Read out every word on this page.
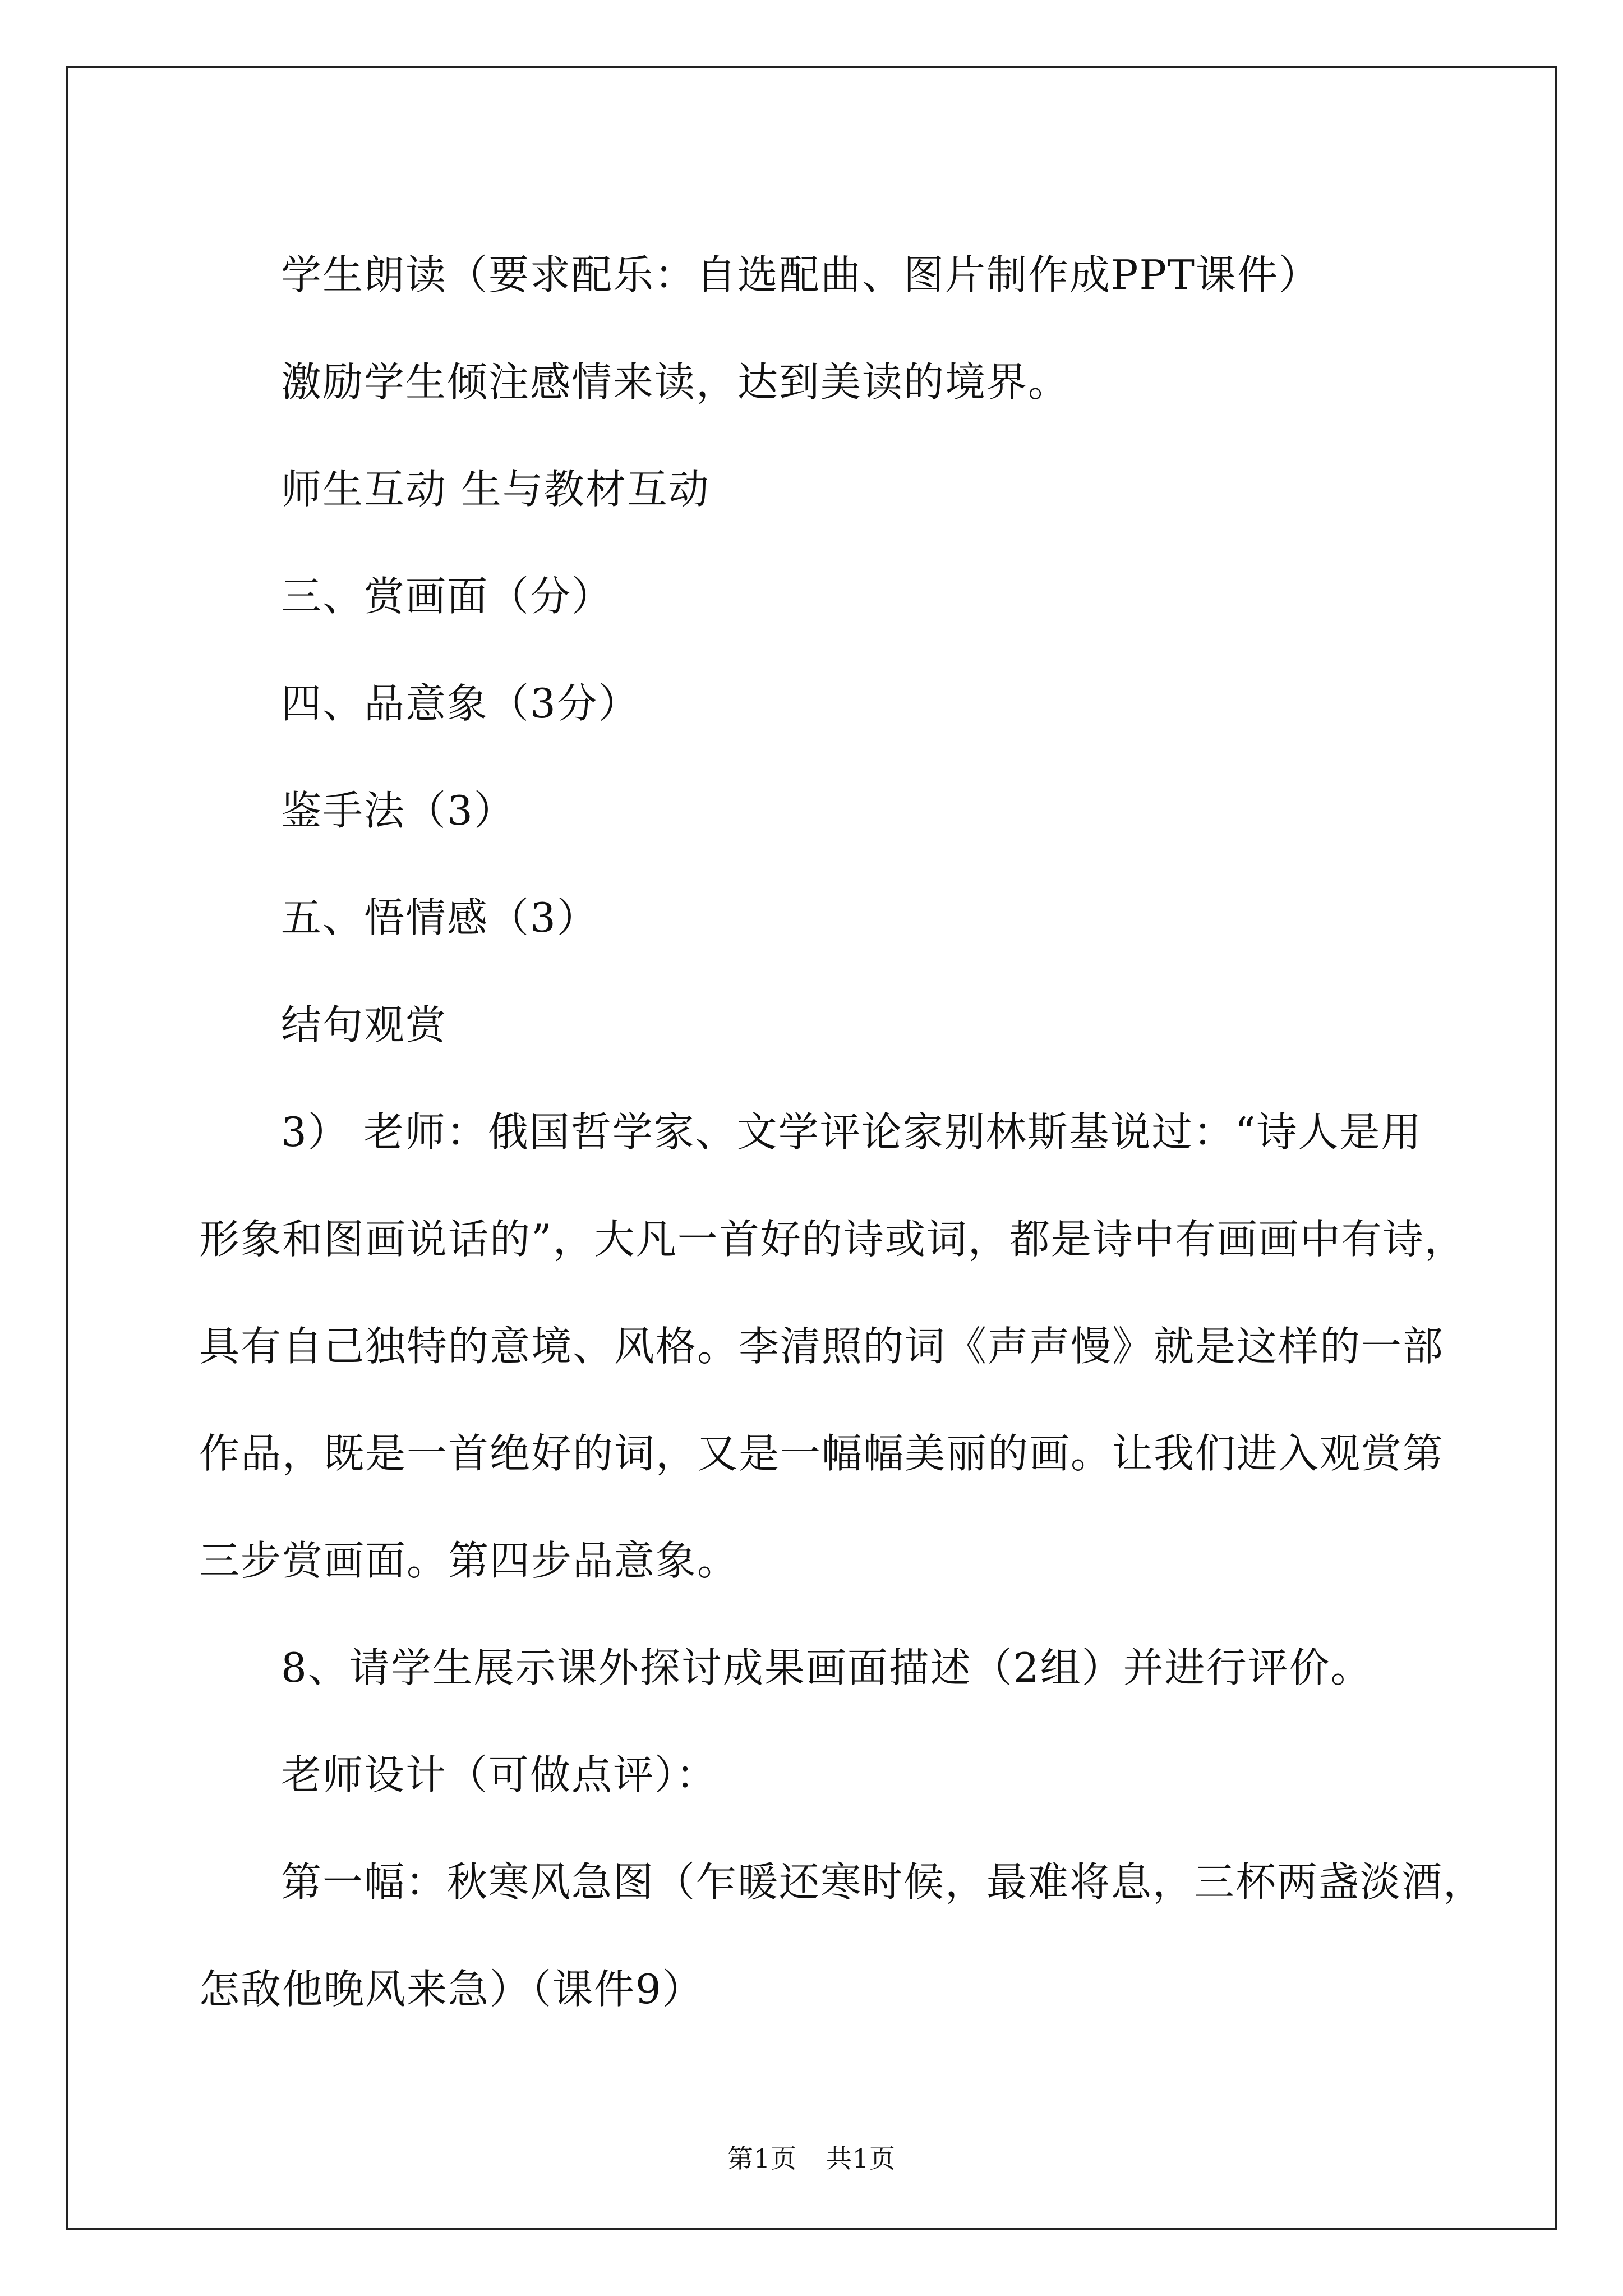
学生朗读（要求配乐：自选配曲、图片制作成PPT课件）

激励学生倾注感情来读，达到美读的境界。

师生互动 生与教材互动

三、赏画面（分）

四、品意象（3分）

鉴手法（3）

五、悟情感（3）

结句观赏

3） 老师：俄国哲学家、文学评论家别林斯基说过：“诗人是用

形象和图画说话的”，大凡一首好的诗或词，都是诗中有画画中有诗，

具有自己独特的意境、风格。李清照的词《声声慢》就是这样的一部

作品，既是一首绝好的词，又是一幅幅美丽的画。让我们进入观赏第

三步赏画面。第四步品意象。

8、请学生展示课外探讨成果画面描述（2组）并进行评价。

老师设计（可做点评）：

第一幅：秋寒风急图（乍暖还寒时候，最难将息，三杯两盏淡酒，

怎敌他晚风来急）（课件9）

第1页 共1页
